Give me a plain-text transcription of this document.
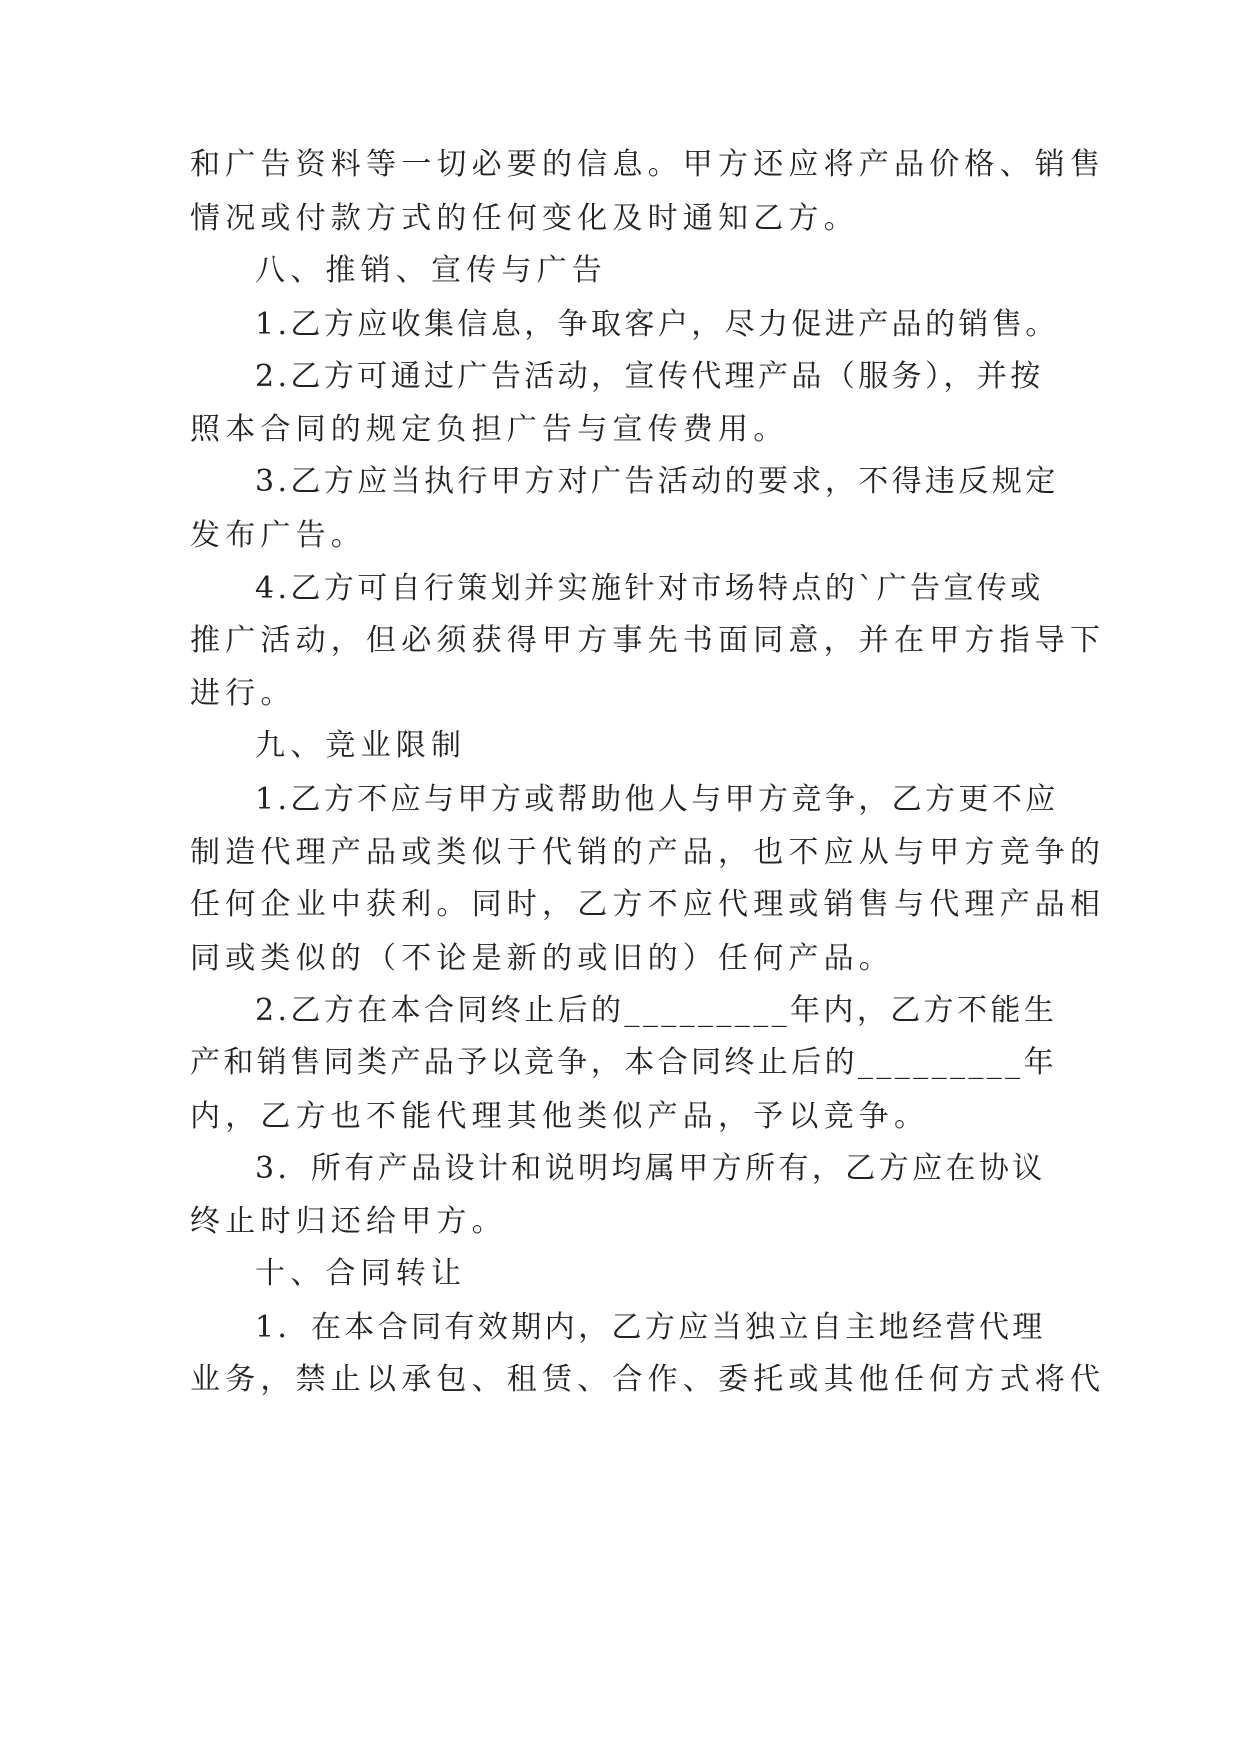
和广告资料等一切必要的信息。甲方还应将产品价格、销售
情况或付款方式的任何变化及时通知乙方。
八、推销、宣传与广告
1.乙方应收集信息，争取客户，尽力促进产品的销售。
2.乙方可通过广告活动，宣传代理产品（服务），并按
照本合同的规定负担广告与宣传费用。
3.乙方应当执行甲方对广告活动的要求，不得违反规定
发布广告。
4.乙方可自行策划并实施针对市场特点的`广告宣传或
推广活动，但必须获得甲方事先书面同意，并在甲方指导下
进行。
九、竞业限制
1.乙方不应与甲方或帮助他人与甲方竞争，乙方更不应
制造代理产品或类似于代销的产品，也不应从与甲方竞争的
任何企业中获利。同时，乙方不应代理或销售与代理产品相
同或类似的（不论是新的或旧的）任何产品。
2.乙方在本合同终止后的_________年内，乙方不能生
产和销售同类产品予以竞争，本合同终止后的_________年
内，乙方也不能代理其他类似产品，予以竞争。
3．所有产品设计和说明均属甲方所有，乙方应在协议
终止时归还给甲方。
十、合同转让
1．在本合同有效期内，乙方应当独立自主地经营代理
业务，禁止以承包、租赁、合作、委托或其他任何方式将代
